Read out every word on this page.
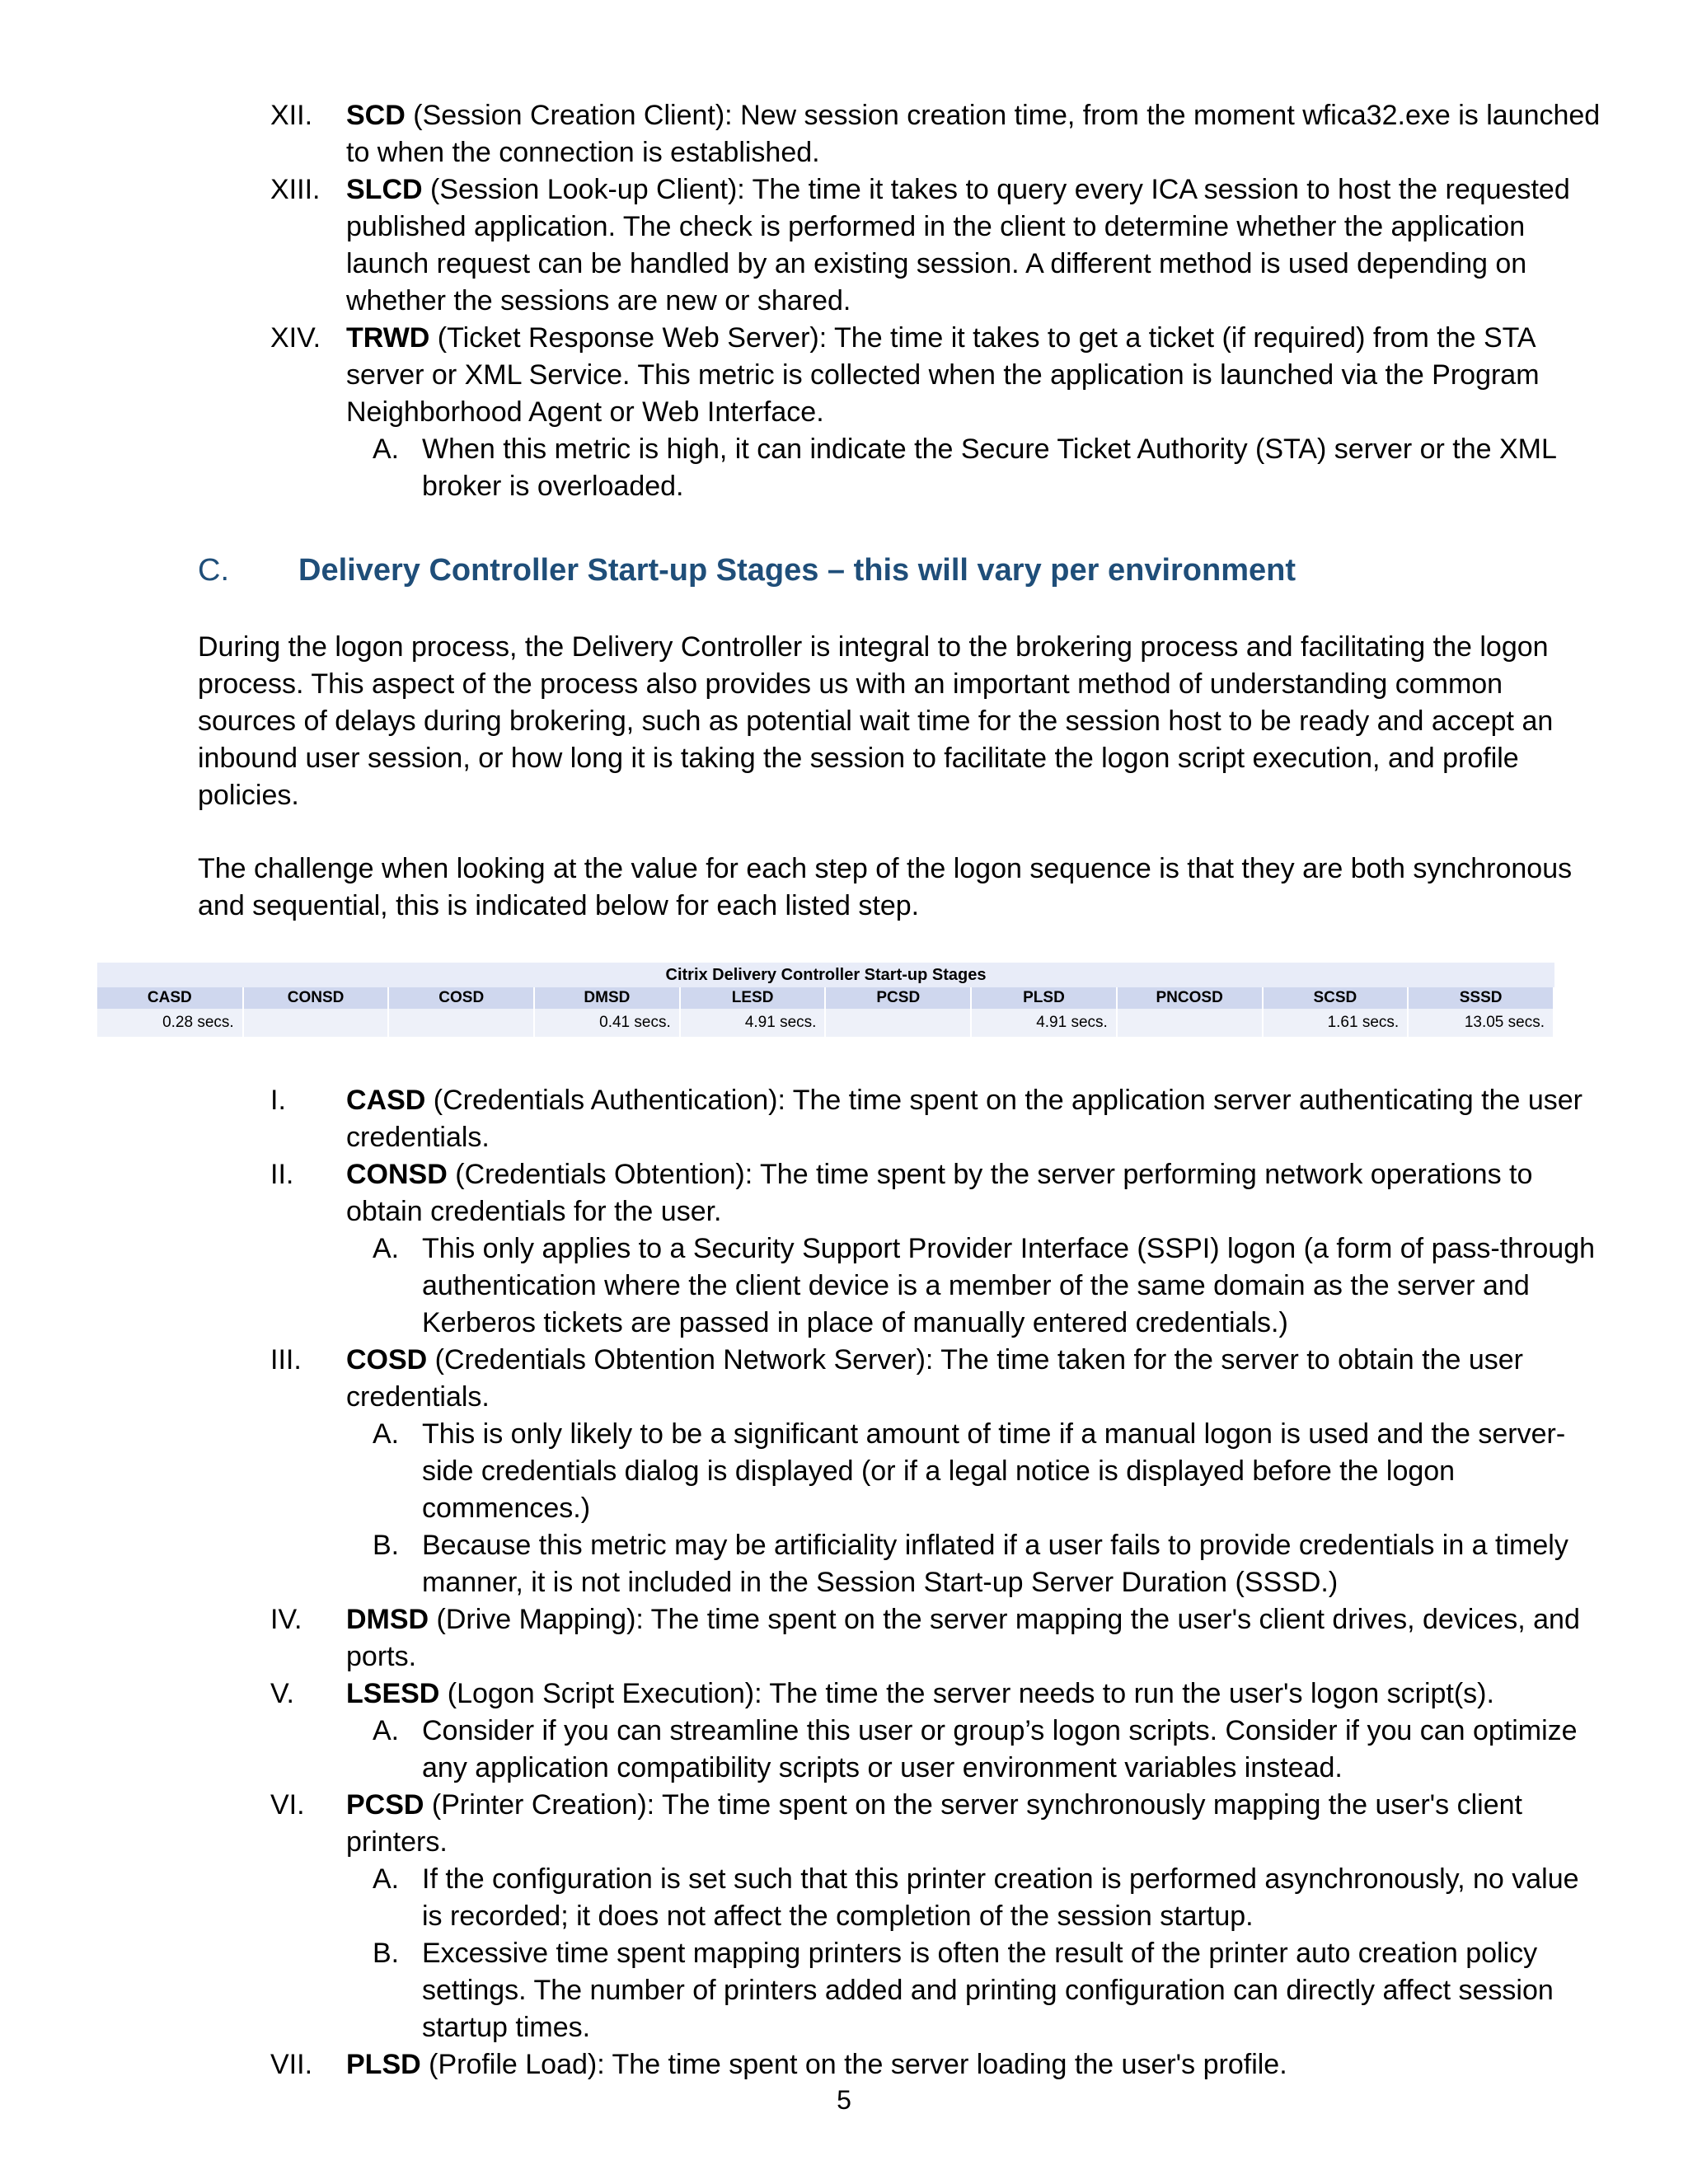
XII. SCD (Session Creation Client): New session creation time, from the moment wfica32.exe is launched
to when the connection is established.
XIII. SLCD (Session Look-up Client): The time it takes to query every ICA session to host the requested
published application. The check is performed in the client to determine whether the application
launch request can be handled by an existing session. A different method is used depending on
whether the sessions are new or shared.
XIV. TRWD (Ticket Response Web Server): The time it takes to get a ticket (if required) from the STA
server or XML Service. This metric is collected when the application is launched via the Program
Neighborhood Agent or Web Interface.
A. When this metric is high, it can indicate the Secure Ticket Authority (STA) server or the XML
broker is overloaded.
C. Delivery Controller Start-up Stages – this will vary per environment
During the logon process, the Delivery Controller is integral to the brokering process and facilitating the logon
process. This aspect of the process also provides us with an important method of understanding common
sources of delays during brokering, such as potential wait time for the session host to be ready and accept an
inbound user session, or how long it is taking the session to facilitate the logon script execution, and profile
policies.
The challenge when looking at the value for each step of the logon sequence is that they are both synchronous
and sequential, this is indicated below for each listed step.
Citrix Delivery Controller Start-up Stages
CASD	CONSD	COSD	DMSD	LESD	PCSD	PLSD	PNCOSD	SCSD	SSSD
0.28 secs.			0.41 secs.	4.91 secs.		4.91 secs.		1.61 secs.	13.05 secs.
I.	CASD (Credentials Authentication): The time spent on the application server authenticating the user
credentials.
II.	CONSD (Credentials Obtention): The time spent by the server performing network operations to
obtain credentials for the user.
A. This only applies to a Security Support Provider Interface (SSPI) logon (a form of pass-through
authentication where the client device is a member of the same domain as the server and
Kerberos tickets are passed in place of manually entered credentials.)
III.	COSD (Credentials Obtention Network Server): The time taken for the server to obtain the user
credentials.
A. This is only likely to be a significant amount of time if a manual logon is used and the server-
side credentials dialog is displayed (or if a legal notice is displayed before the logon
commences.)
B. Because this metric may be artificiality inflated if a user fails to provide credentials in a timely
manner, it is not included in the Session Start-up Server Duration (SSSD.)
IV.	DMSD (Drive Mapping): The time spent on the server mapping the user's client drives, devices, and
ports.
V.	LSESD (Logon Script Execution): The time the server needs to run the user's logon script(s).
A. Consider if you can streamline this user or group’s logon scripts. Consider if you can optimize
any application compatibility scripts or user environment variables instead.
VI.	PCSD (Printer Creation): The time spent on the server synchronously mapping the user's client
printers.
A. If the configuration is set such that this printer creation is performed asynchronously, no value
is recorded; it does not affect the completion of the session startup.
B. Excessive time spent mapping printers is often the result of the printer auto creation policy
settings. The number of printers added and printing configuration can directly affect session
startup times.
VII. PLSD (Profile Load): The time spent on the server loading the user's profile.
5
